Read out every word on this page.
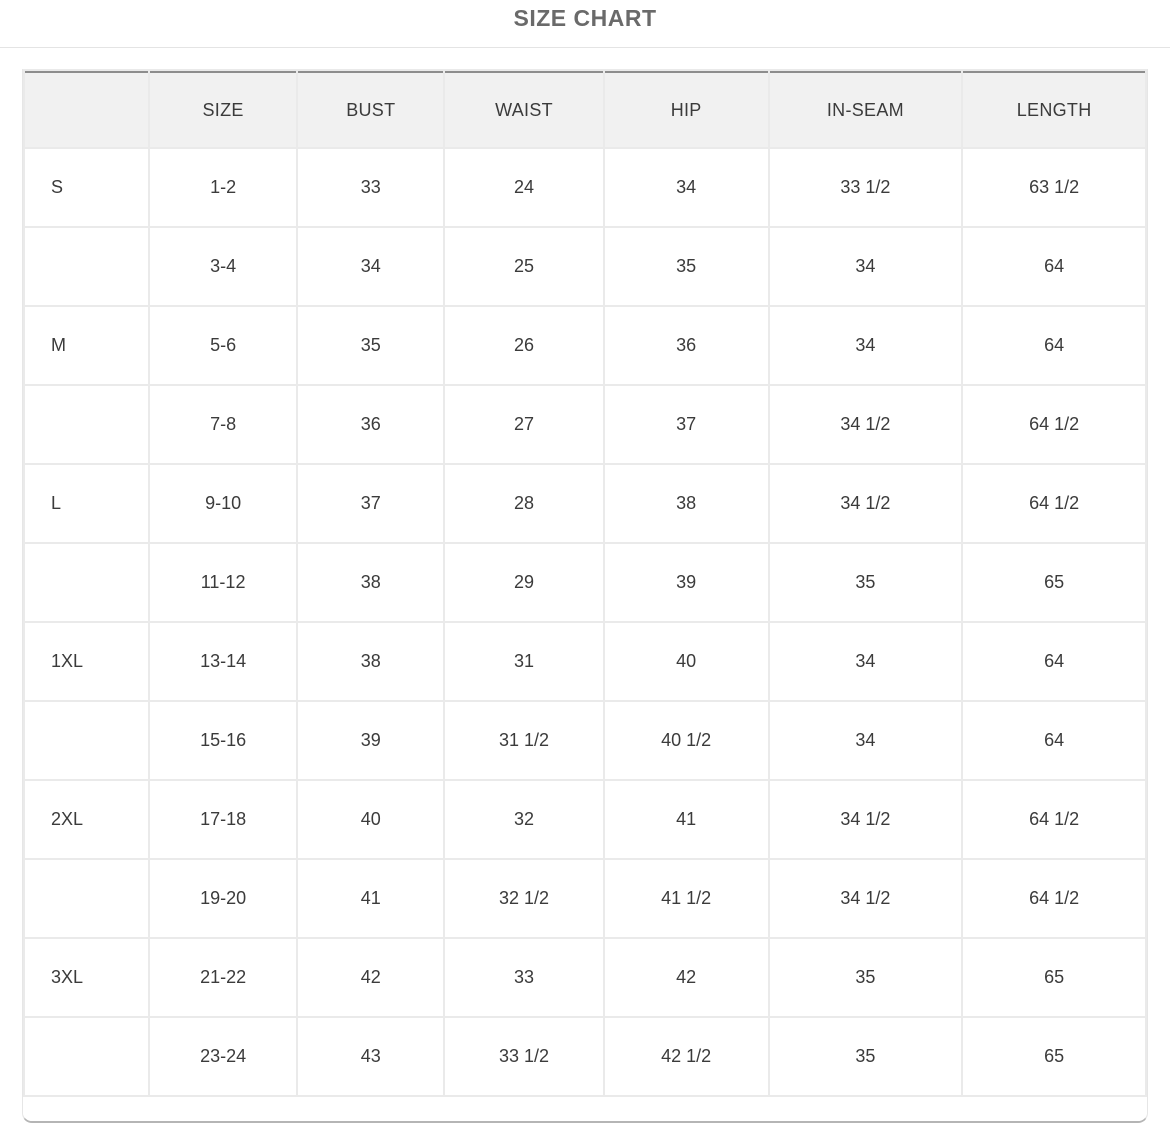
SIZE CHART
	SIZE	BUST	WAIST	HIP	IN-SEAM	LENGTH
S	1-2	33	24	34	33 1/2	63 1/2
	3-4	34	25	35	34	64
M	5-6	35	26	36	34	64
	7-8	36	27	37	34 1/2	64 1/2
L	9-10	37	28	38	34 1/2	64 1/2
	11-12	38	29	39	35	65
1XL	13-14	38	31	40	34	64
	15-16	39	31 1/2	40 1/2	34	64
2XL	17-18	40	32	41	34 1/2	64 1/2
	19-20	41	32 1/2	41 1/2	34 1/2	64 1/2
3XL	21-22	42	33	42	35	65
	23-24	43	33 1/2	42 1/2	35	65
